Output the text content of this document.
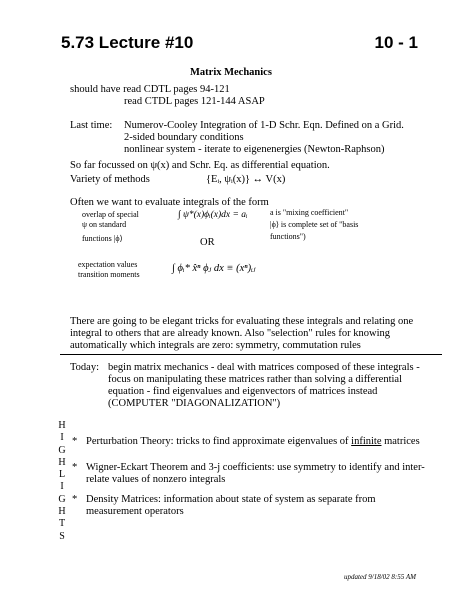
5.73 Lecture #10	10 - 1
Matrix Mechanics
should have read CDTL pages 94-121
read CTDL pages 121-144 ASAP
Last time: Numerov-Cooley Integration of 1-D Schr. Eqn. Defined on a Grid.
2-sided boundary conditions
nonlinear system - iterate to eigenenergies (Newton-Raphson)
So far focussed on ψ(x) and Schr. Eq. as differential equation.
Variety of methods	{Eᵢ, ψᵢ(x)} ↔ V(x)
Often we want to evaluate integrals of the form
overlap of special
ψ on standard
functions |ϕ⟩
∫ ψ*(x)ϕᵢ(x)dx = aᵢ	a is "mixing coefficient"
|ϕ⟩ is complete set of "basis
functions")
OR
expectation values
transition moments
∫ ϕᵢ* x̂ⁿ ϕⱼ dx ≡ (xⁿ)ᵢⱼ
There are going to be elegant tricks for evaluating these integrals and relating one
integral to others that are already known. Also "selection" rules for knowing
automatically which integrals are zero: symmetry, commutation rules
Today: begin matrix mechanics - deal with matrices composed of these integrals -
focus on manipulating these matrices rather than solving a differential
equation - find eigenvalues and eigenvectors of matrices instead
(COMPUTER "DIAGONALIZATION")
H
I
G
H
L
I
G
H
T
S
* Perturbation Theory: tricks to find approximate eigenvalues of infinite matrices
* Wigner-Eckart Theorem and 3-j coefficients: use symmetry to identify and inter-
relate values of nonzero integrals
* Density Matrices: information about state of system as separate from
measurement operators
updated 9/18/02 8:55 AM
